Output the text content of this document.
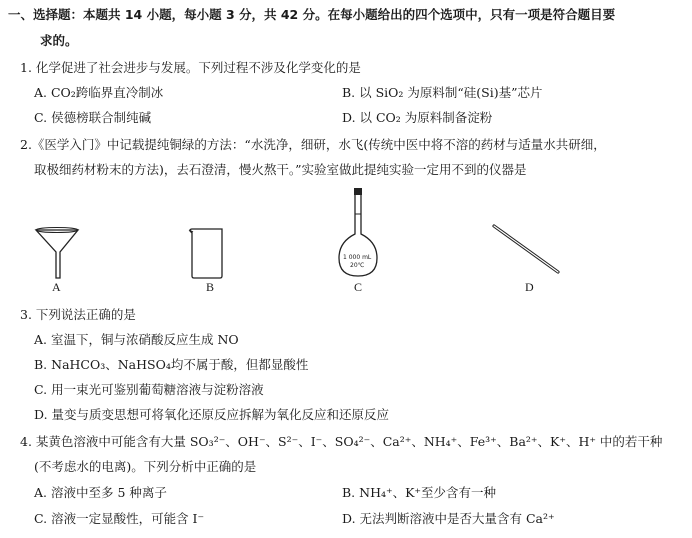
一、选择题：本题共 14 小题，每小题 3 分，共 42 分。在每小题给出的四个选项中，只有一项是符合题目要
求的。
1. 化学促进了社会进步与发展。下列过程不涉及化学变化的是
A. CO₂跨临界直冷制冰	B. 以 SiO₂ 为原料制“硅(Si)基”芯片
C. 侯德榜联合制纯碱	D. 以 CO₂ 为原料制备淀粉
2.《医学入门》中记载提纯铜绿的方法：“水洗净，细研，水飞(传统中医中将不溶的药材与适量水共研细，
取极细药材粉末的方法)，去石澄清，慢火熬干。”实验室做此提纯实验一定用不到的仪器是
A	B
1 000 mL
20℃
C	D
3. 下列说法正确的是
A. 室温下，铜与浓硝酸反应生成 NO
B. NaHCO₃、NaHSO₄均不属于酸，但都显酸性
C. 用一束光可鉴别葡萄糖溶液与淀粉溶液
D. 量变与质变思想可将氧化还原反应拆解为氧化反应和还原反应
4. 某黄色溶液中可能含有大量 SO₃²⁻、OH⁻、S²⁻、I⁻、SO₄²⁻、Ca²⁺、NH₄⁺、Fe³⁺、Ba²⁺、K⁺、H⁺ 中的若干种
(不考虑水的电离)。下列分析中正确的是
A. 溶液中至多 5 种离子	B. NH₄⁺、K⁺至少含有一种
C. 溶液一定显酸性，可能含 I⁻	D. 无法判断溶液中是否大量含有 Ca²⁺
